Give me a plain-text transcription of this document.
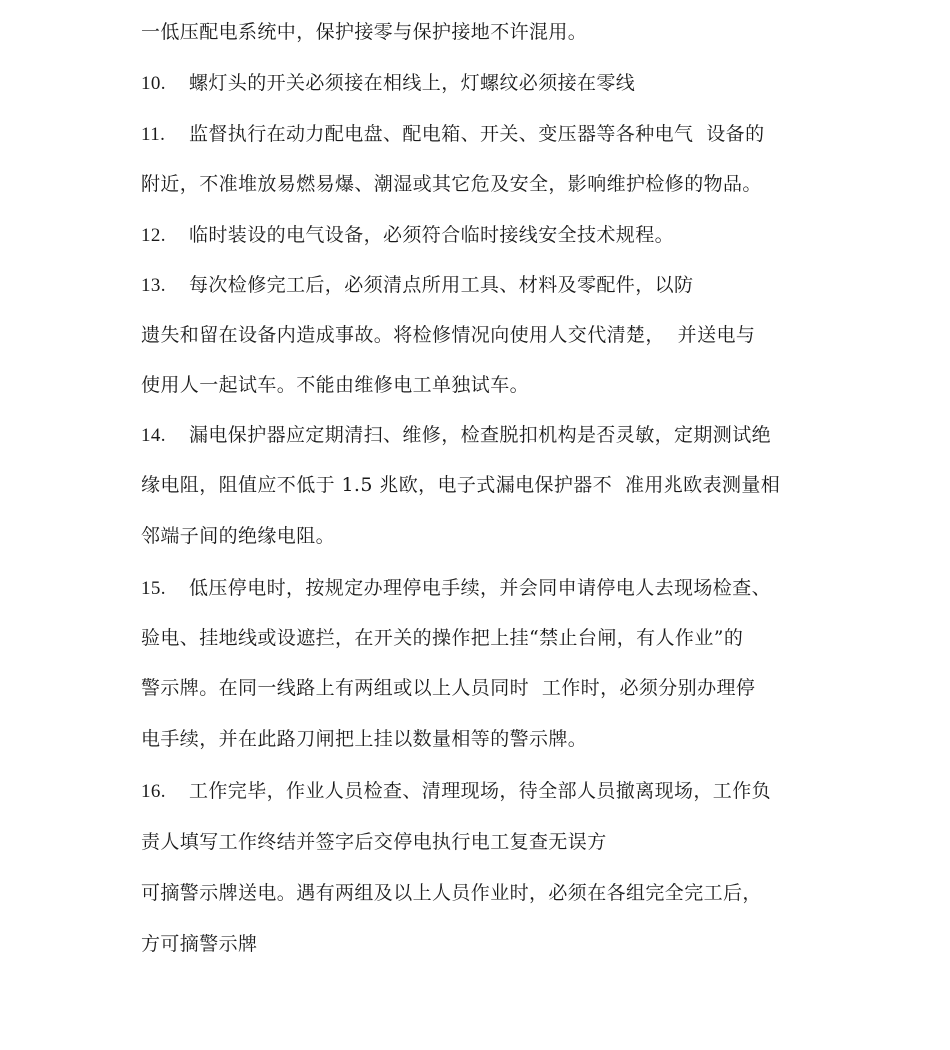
一低压配电系统中，保护接零与保护接地不许混用。
10. 螺灯头的开关必须接在相线上，灯螺纹必须接在零线
11. 监督执行在动力配电盘、配电箱、开关、变压器等各种电气  设备的
附近，不准堆放易燃易爆、潮湿或其它危及安全，影响维护检修的物品。
12. 临时装设的电气设备，必须符合临时接线安全技术规程。
13. 每次检修完工后，必须清点所用工具、材料及零配件，以防
遗失和留在设备内造成事故。将检修情况向使用人交代清楚，  并送电与
使用人一起试车。不能由维修电工单独试车。
14. 漏电保护器应定期清扫、维修，检查脱扣机构是否灵敏，定期测试绝
缘电阻，阻值应不低于 1.5 兆欧，电子式漏电保护器不  准用兆欧表测量相
邻端子间的绝缘电阻。
15. 低压停电时，按规定办理停电手续，并会同申请停电人去现场检查、
验电、挂地线或设遮拦，在开关的操作把上挂“禁止台闸，有人作业”的
警示牌。在同一线路上有两组或以上人员同时  工作时，必须分别办理停
电手续，并在此路刀闸把上挂以数量相等的警示牌。
16. 工作完毕，作业人员检查、清理现场，待全部人员撤离现场，工作负
责人填写工作终结并签字后交停电执行电工复查无误方
可摘警示牌送电。遇有两组及以上人员作业时，必须在各组完全完工后，
方可摘警示牌
